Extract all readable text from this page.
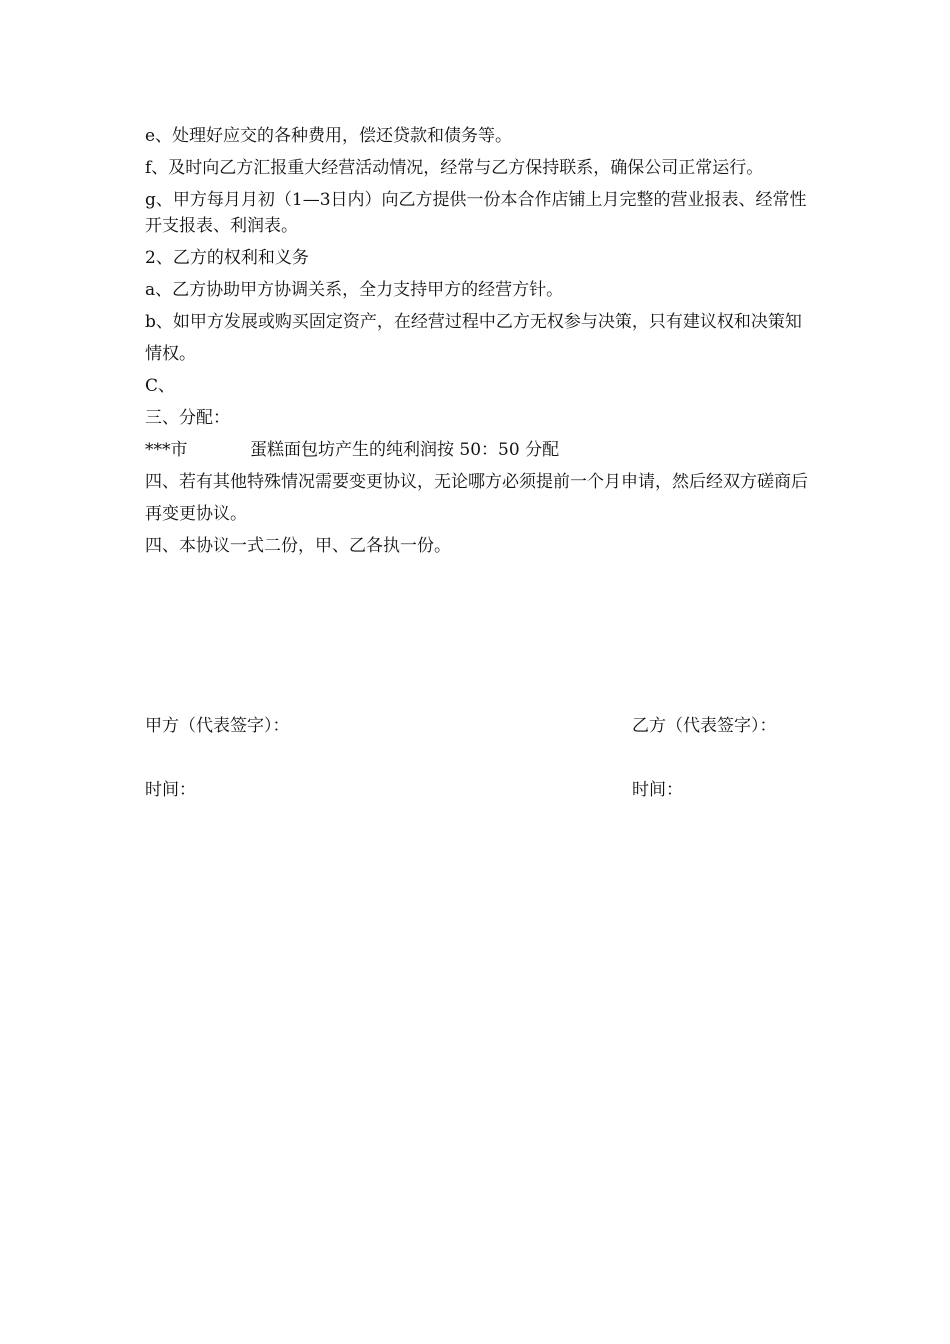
e、处理好应交的各种费用，偿还贷款和债务等。

f、及时向乙方汇报重大经营活动情况，经常与乙方保持联系，确保公司正常运行。

g、甲方每月月初（1—3日内）向乙方提供一份本合作店铺上月完整的营业报表、经常性开支报表、利润表。

2、乙方的权利和义务

a、乙方协助甲方协调关系，全力支持甲方的经营方针。

b、如甲方发展或购买固定资产，在经营过程中乙方无权参与决策，只有建议权和决策知情权。

C、

三、分配：

***市	蛋糕面包坊产生的纯利润按 50：50 分配

四、若有其他特殊情况需要变更协议，无论哪方必须提前一个月申请，然后经双方磋商后再变更协议。

四、本协议一式二份，甲、乙各执一份。

甲方（代表签字）：	乙方（代表签字）：
时间：	时间：
